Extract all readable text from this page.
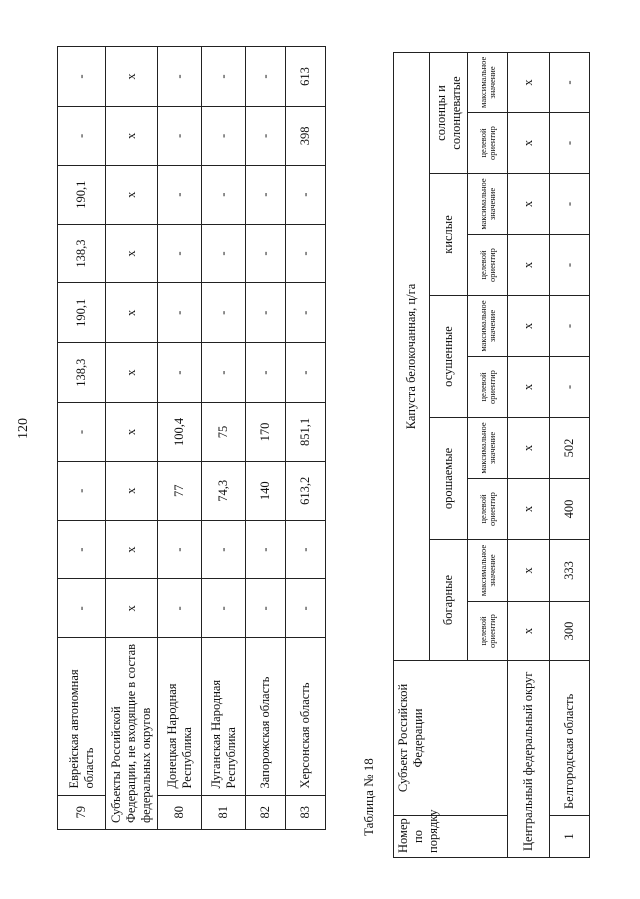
120
79	Еврейская автономная область	-	-	-	-	138,3	190,1	138,3	190,1	-	-
Субъекты Российской Федерации, не входящие в состав федеральных округов		х	х	х	х	х	х	х	х	х	х
80	Донецкая Народная Республика	-	-	77	100,4	-	-	-	-	-	-
81	Луганская Народная Республика	-	-	74,3	75	-	-	-	-	-	-
82	Запорожская область	-	-	140	170	-	-	-	-	-	-
83	Херсонская область	-	-	613,2	851,1	-	-	-	-	398	613
Таблица № 18 Номер по порядку	Субъект Российской Федерации	Капуста белокочанная, ц/га									
		богарные		орошаемые		осушенные		кислые		солонцы и солонцеватые	
		целевой ориентир	максимальное значение	целевой ориентир	максимальное значение	целевой ориентир	максимальное значение	целевой ориентир	максимальное значение	целевой ориентир	максимальное значение
Центральный федеральный округ		х	х	х	х	х	х	х	х	х	х
1	Белгородская область	300	333	400	502	-	-	-	-	-	-
